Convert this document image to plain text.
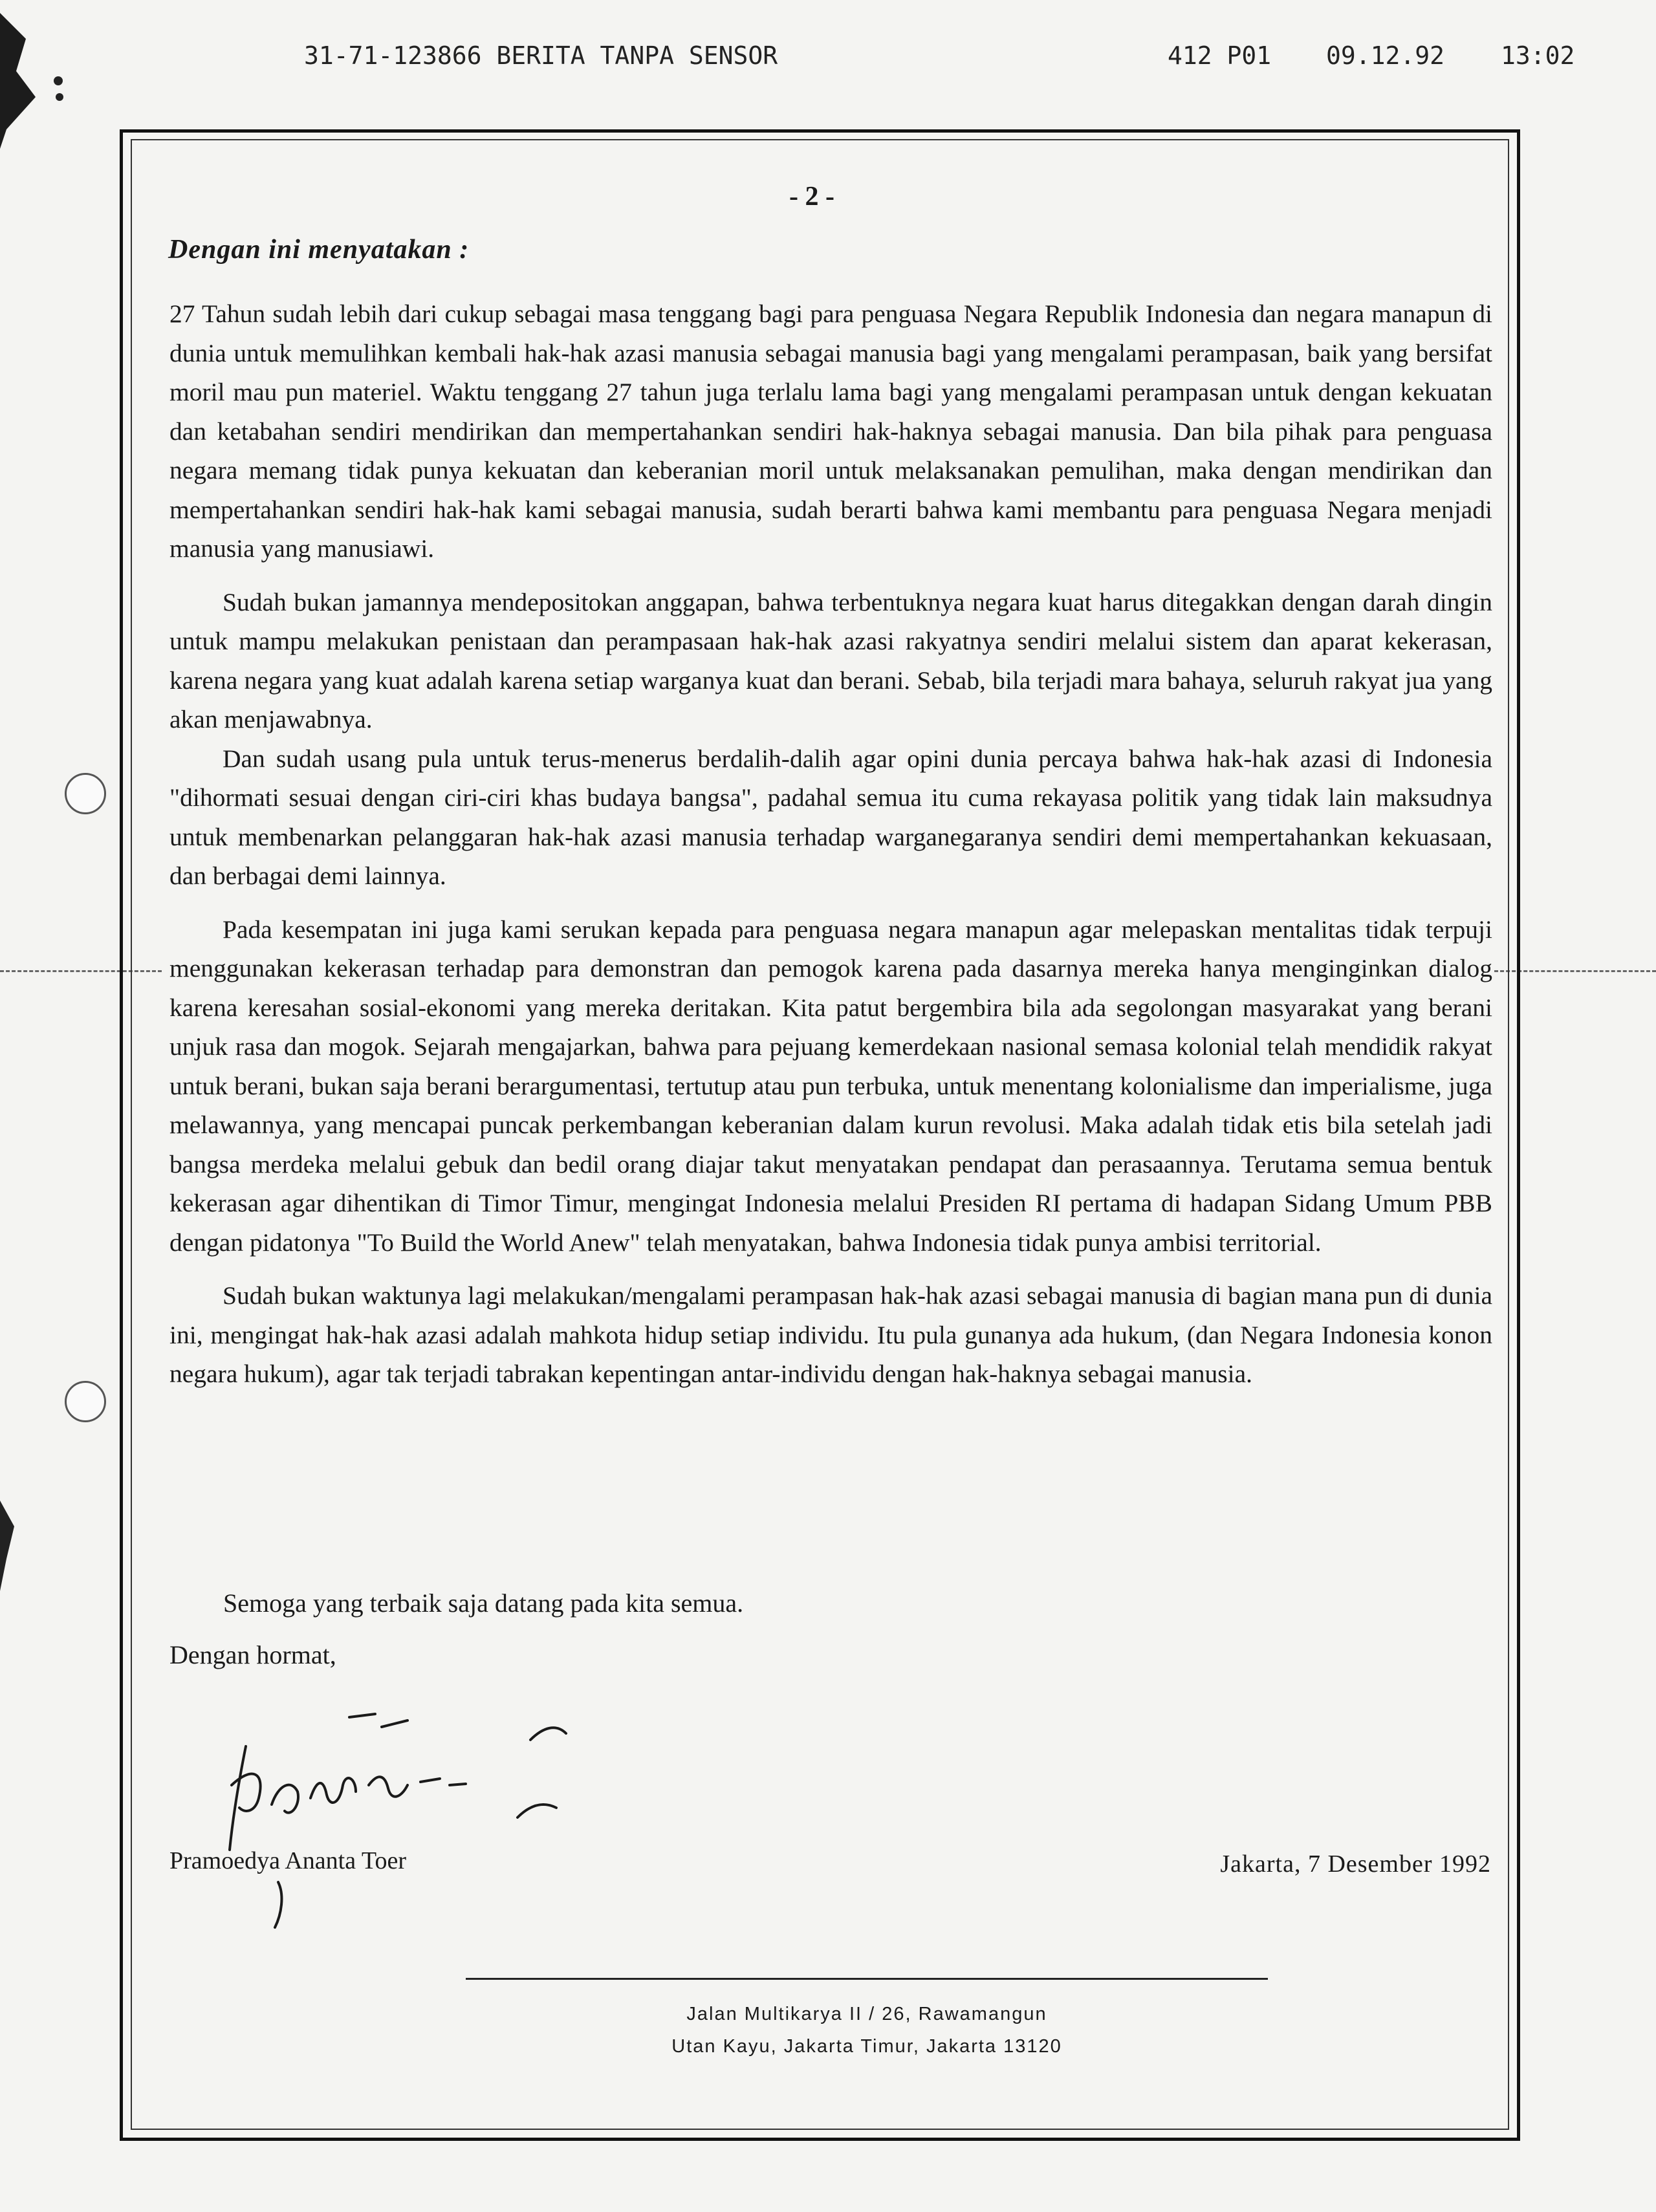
31-71-123866 BERITA TANPA SENSOR	412 P01 09.12.92 13:02
- 2 -
Dengan ini menyatakan :

27 Tahun sudah lebih dari cukup sebagai masa tenggang bagi para penguasa Negara Republik Indonesia dan negara manapun di dunia untuk memulihkan kembali hak-hak azasi manusia sebagai manusia bagi yang mengalami perampasan, baik yang bersifat moril mau pun materiel. Waktu tenggang 27 tahun juga terlalu lama bagi yang mengalami perampasan untuk dengan kekuatan dan ketabahan sendiri mendirikan dan mempertahankan sendiri hak-haknya sebagai manusia. Dan bila pihak para penguasa negara memang tidak punya kekuatan dan keberanian moril untuk melaksanakan pemulihan, maka dengan mendirikan dan mempertahankan sendiri hak-hak kami sebagai manusia, sudah berarti bahwa kami membantu para penguasa Negara menjadi manusia yang manusiawi.

Sudah bukan jamannya mendepositokan anggapan, bahwa terbentuknya negara kuat harus ditegakkan dengan darah dingin untuk mampu melakukan penistaan dan perampasaan hak-hak azasi rakyatnya sendiri melalui sistem dan aparat kekerasan, karena negara yang kuat adalah karena setiap warganya kuat dan berani. Sebab, bila terjadi mara bahaya, seluruh rakyat jua yang akan menjawabnya.

Dan sudah usang pula untuk terus-menerus berdalih-dalih agar opini dunia percaya bahwa hak-hak azasi di Indonesia "dihormati sesuai dengan ciri-ciri khas budaya bangsa", padahal semua itu cuma rekayasa politik yang tidak lain maksudnya untuk membenarkan pelanggaran hak-hak azasi manusia terhadap warganegaranya sendiri demi mempertahankan kekuasaan, dan berbagai demi lainnya.

Pada kesempatan ini juga kami serukan kepada para penguasa negara manapun agar melepaskan mentalitas tidak terpuji menggunakan kekerasan terhadap para demonstran dan pemogok karena pada dasarnya mereka hanya menginginkan dialog karena keresahan sosial-ekonomi yang mereka deritakan. Kita patut bergembira bila ada segolongan masyarakat yang berani unjuk rasa dan mogok. Sejarah mengajarkan, bahwa para pejuang kemerdekaan nasional semasa kolonial telah mendidik rakyat untuk berani, bukan saja berani berargumentasi, tertutup atau pun terbuka, untuk menentang kolonialisme dan imperialisme, juga melawannya, yang mencapai puncak perkembangan keberanian dalam kurun revolusi. Maka adalah tidak etis bila setelah jadi bangsa merdeka melalui gebuk dan bedil orang diajar takut menyatakan pendapat dan perasaannya. Terutama semua bentuk kekerasan agar dihentikan di Timor Timur, mengingat Indonesia melalui Presiden RI pertama di hadapan Sidang Umum PBB dengan pidatonya "To Build the World Anew" telah menyatakan, bahwa Indonesia tidak punya ambisi territorial.

Sudah bukan waktunya lagi melakukan/mengalami perampasan hak-hak azasi sebagai manusia di bagian mana pun di dunia ini, mengingat hak-hak azasi adalah mahkota hidup setiap individu. Itu pula gunanya ada hukum, (dan Negara Indonesia konon negara hukum), agar tak terjadi tabrakan kepentingan antar-individu dengan hak-haknya sebagai manusia.

Semoga yang terbaik saja datang pada kita semua.
Dengan hormat,
Pramoedya Ananta Toer	Jakarta, 7 Desember 1992
Jalan Multikarya II / 26, Rawamangun
Utan Kayu, Jakarta Timur, Jakarta 13120
